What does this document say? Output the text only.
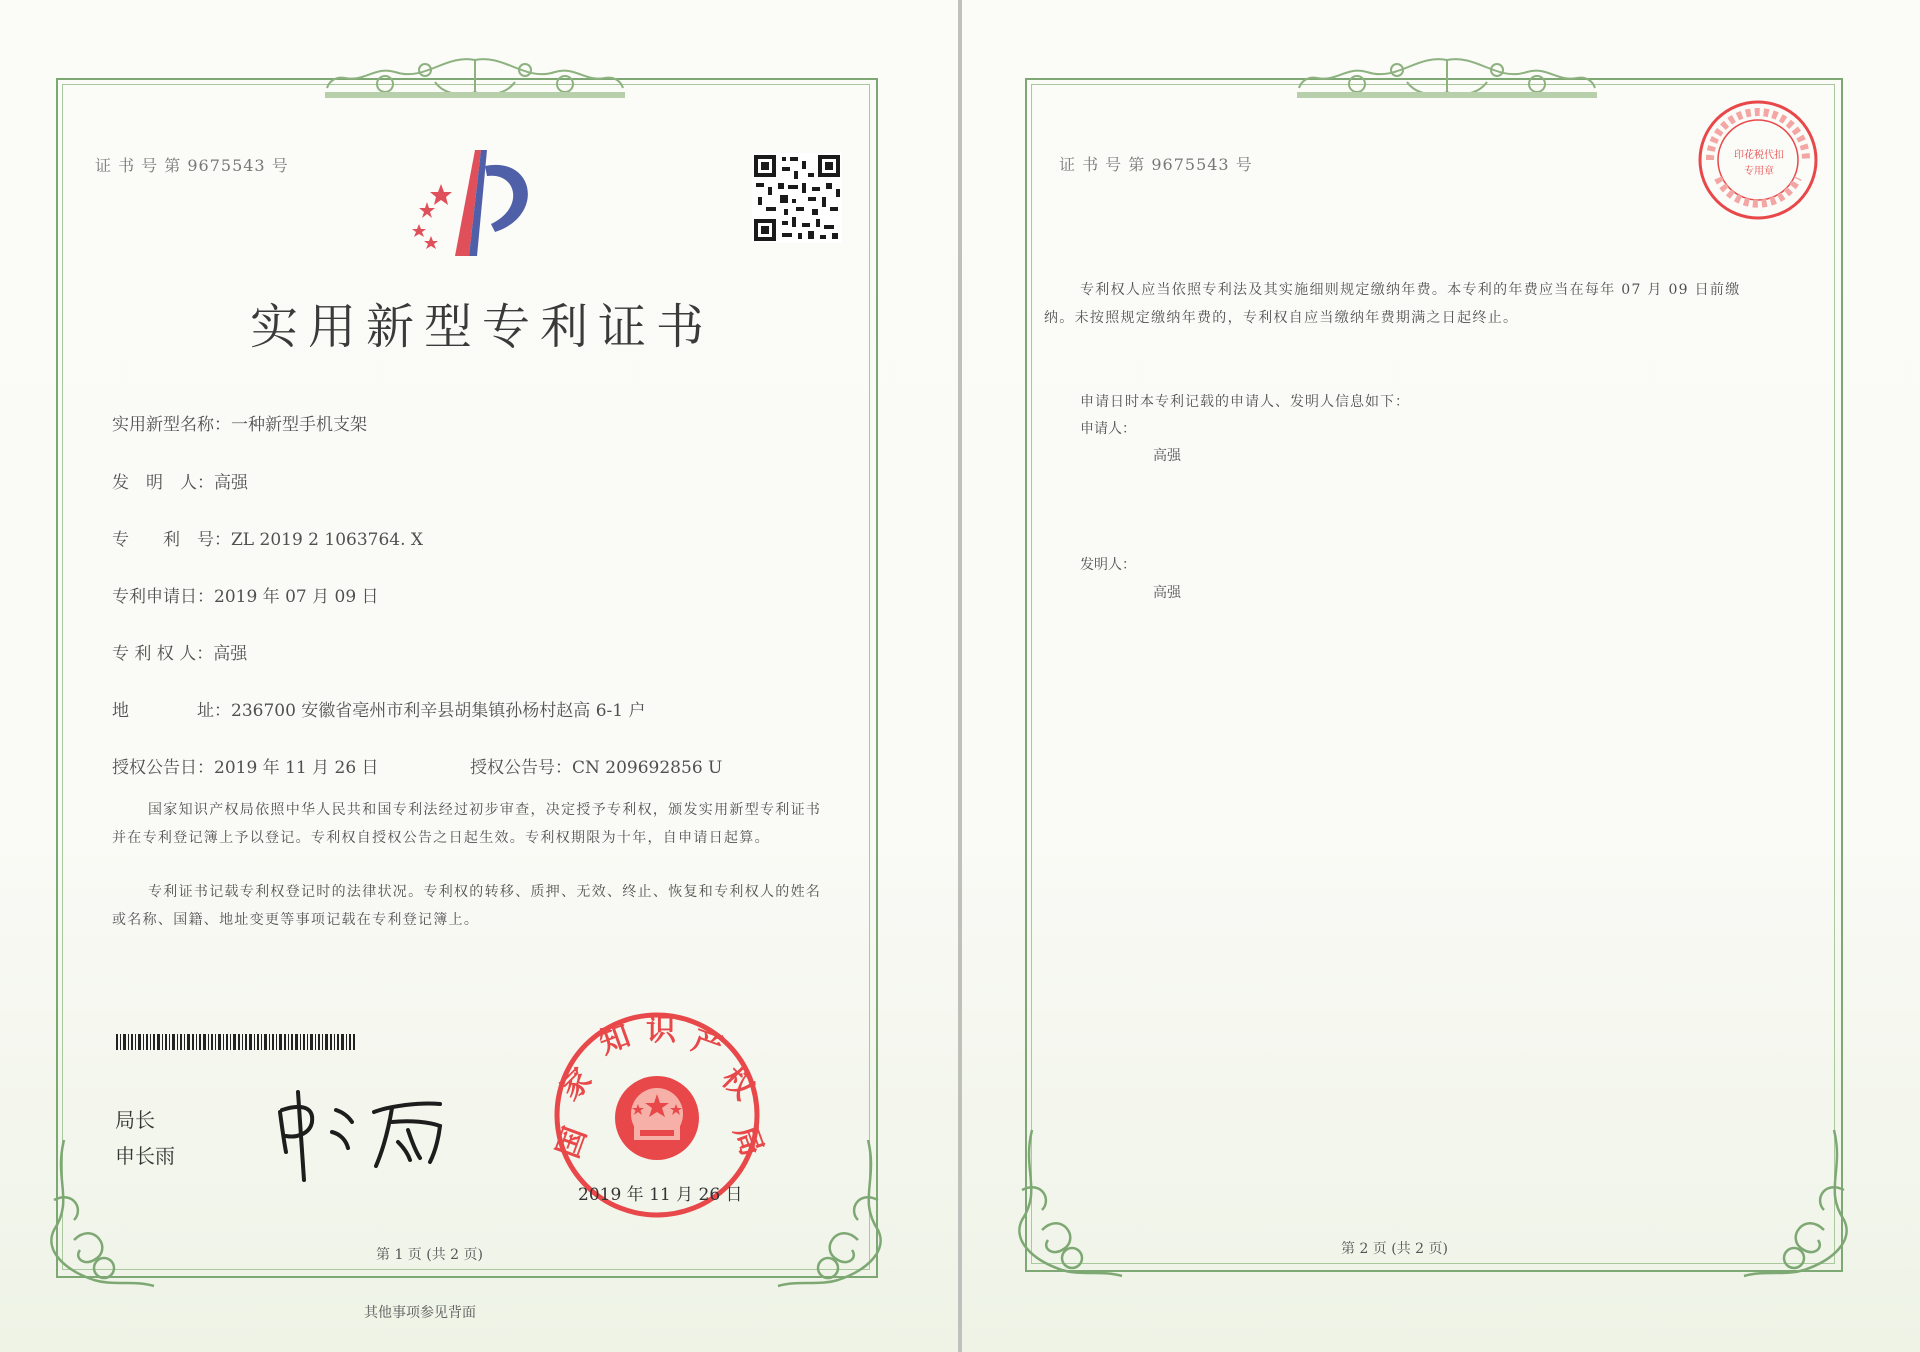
证 书 号 第 9675543 号
实用新型专利证书
实用新型名称：一种新型手机支架
发　明　人：高强
专　　利　号：ZL 2019 2 1063764. X
专利申请日：2019 年 07 月 09 日
专 利 权 人：高强
地　　　　址：236700 安徽省亳州市利辛县胡集镇孙杨村赵高 6-1 户
授权公告日：2019 年 11 月 26 日	授权公告号：CN 209692856 U
国家知识产权局依照中华人民共和国专利法经过初步审查，决定授予专利权，颁发实用新型专利证书并在专利登记簿上予以登记。专利权自授权公告之日起生效。专利权期限为十年，自申请日起算。
专利证书记载专利权登记时的法律状况。专利权的转移、质押、无效、终止、恢复和专利权人的姓名或名称、国籍、地址变更等事项记载在专利登记簿上。
局长
申长雨	国
家
知 识 产
权
局
2019 年 11 月 26 日
第 1 页 (共 2 页)
其他事项参见背面
证 书 号 第 9675543 号	印花税代扣专用章
专利权人应当依照专利法及其实施细则规定缴纳年费。本专利的年费应当在每年 07 月 09 日前缴纳。未按照规定缴纳年费的，专利权自应当缴纳年费期满之日起终止。
申请日时本专利记载的申请人、发明人信息如下：
申请人：
高强
发明人：
高强
第 2 页 (共 2 页)
